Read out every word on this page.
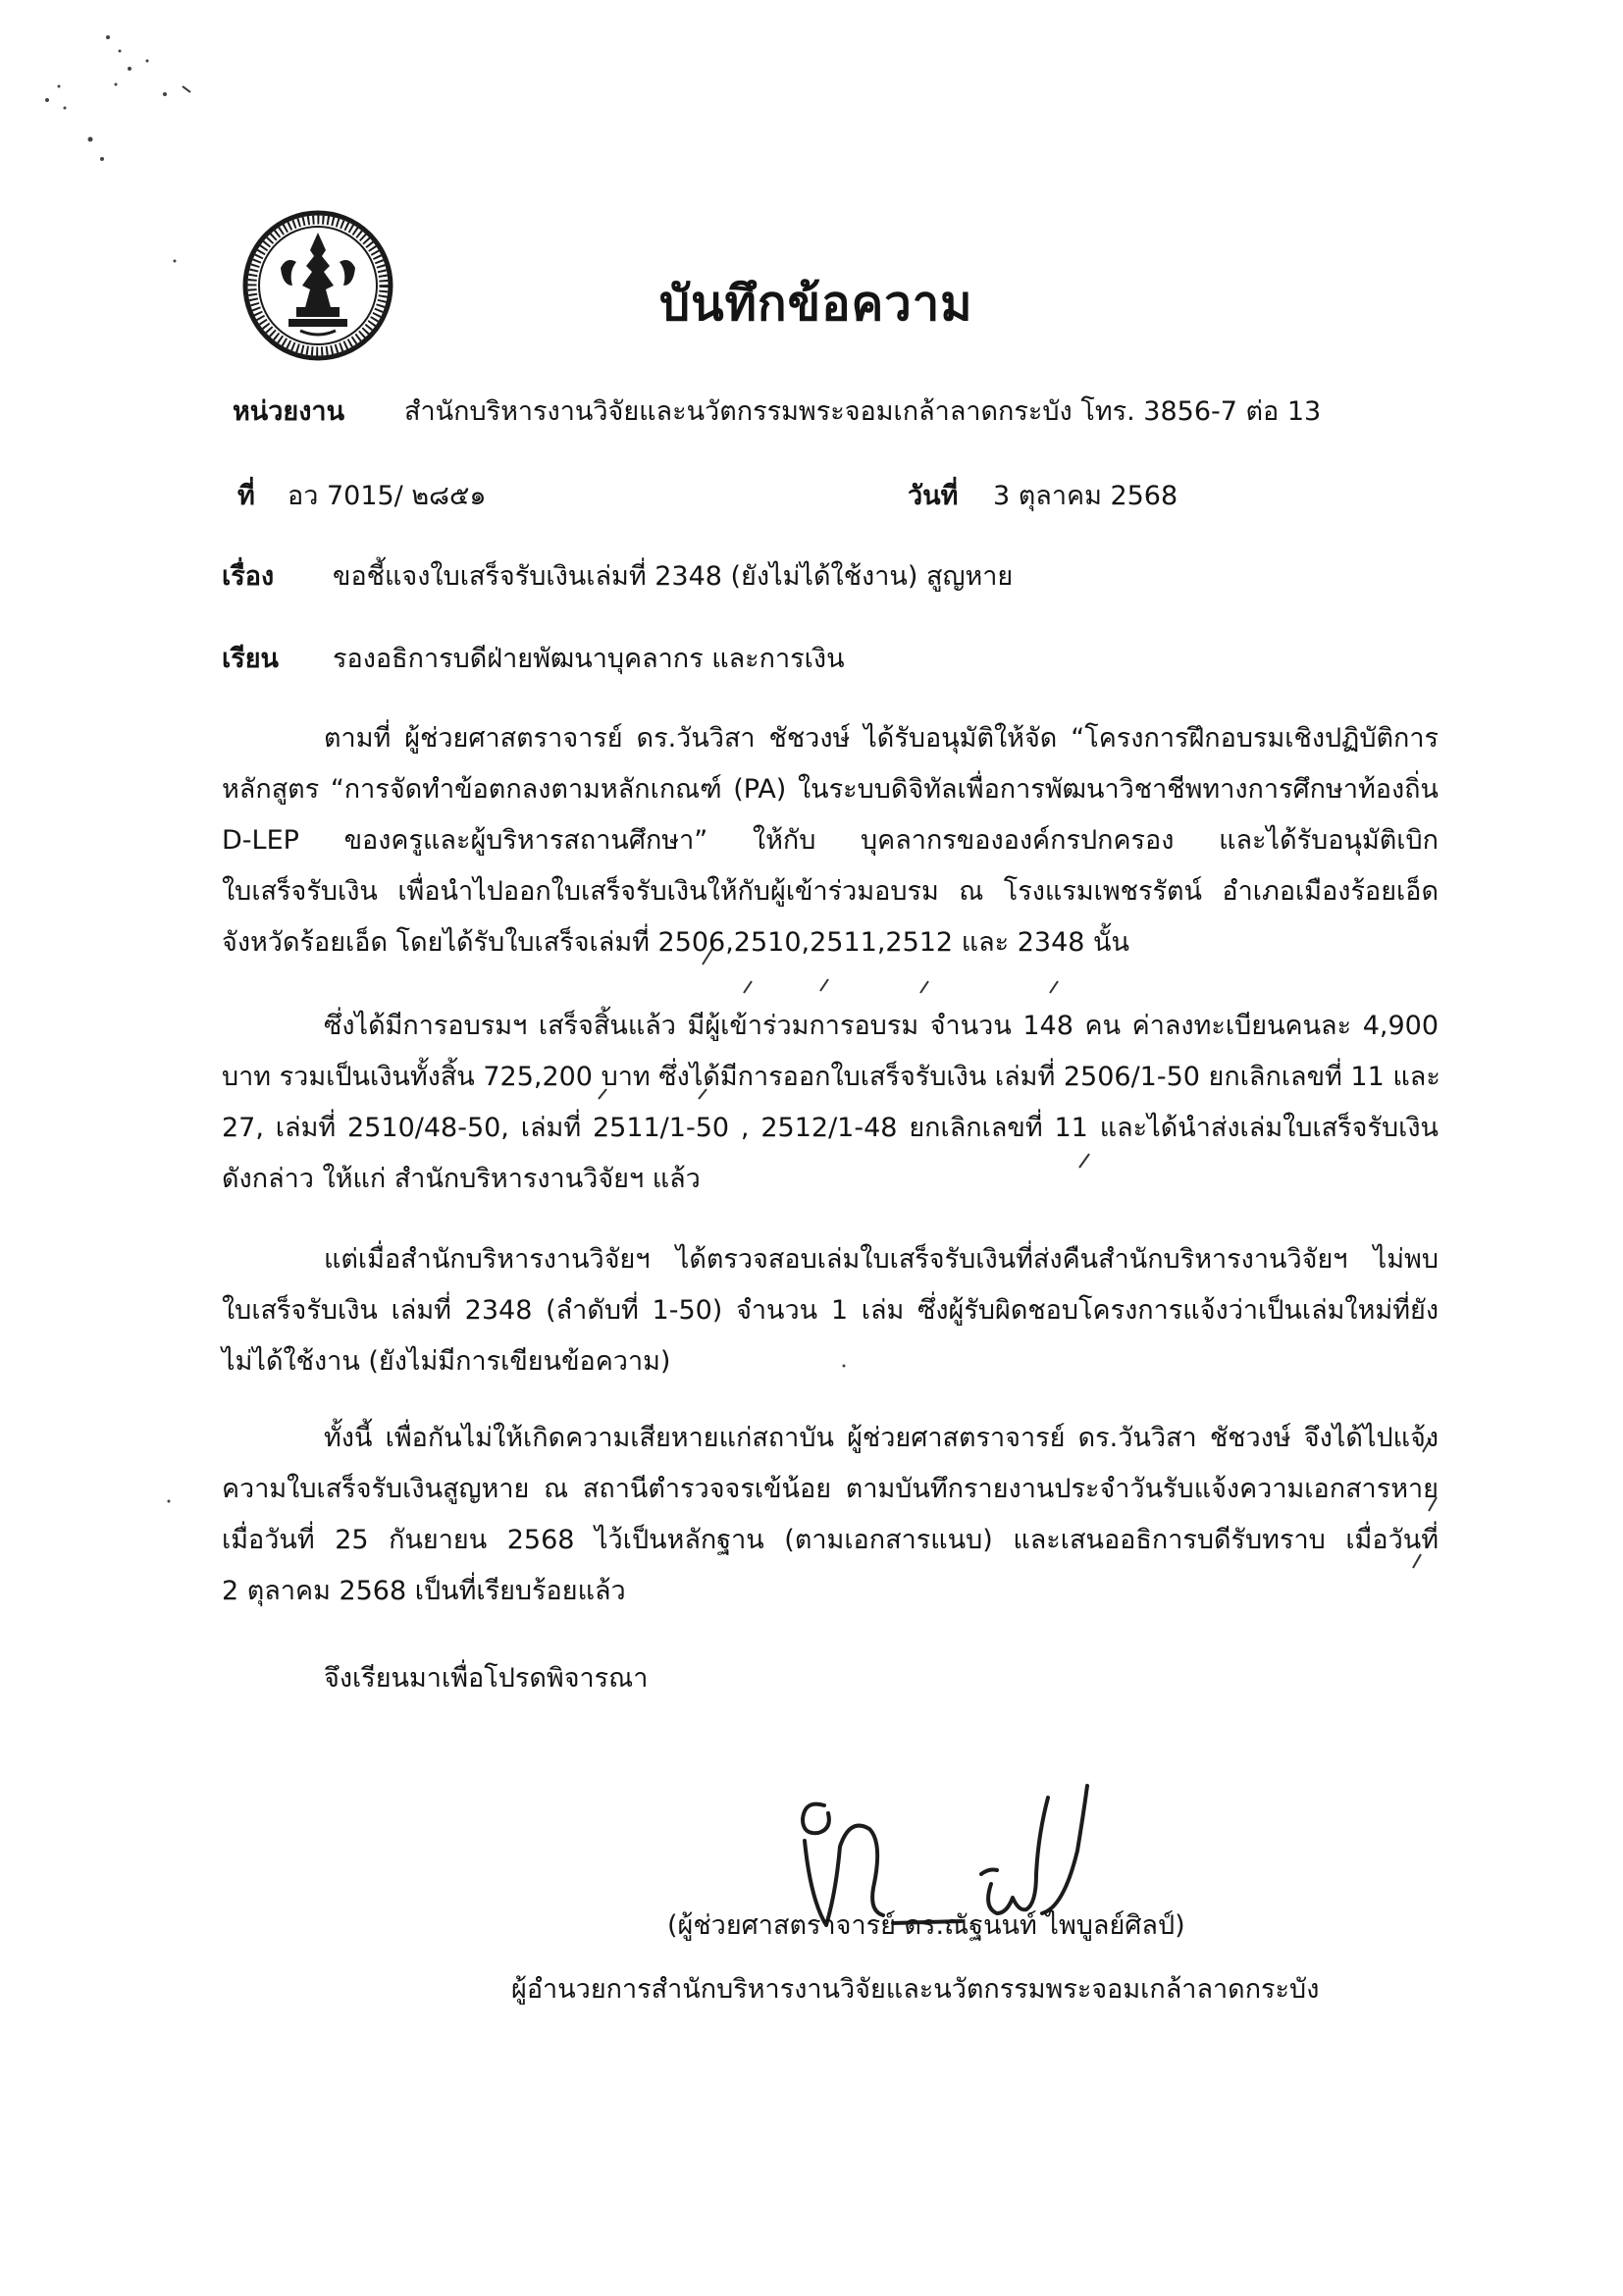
บันทึกข้อความ
หน่วยงาน สำนักบริหารงานวิจัยและนวัตกรรมพระจอมเกล้าลาดกระบัง โทร. 3856-7 ต่อ 13
ที่ อว 7015/ ๒๘๕๑	วันที่ 3 ตุลาคม 2568
เรื่อง ขอชี้แจงใบเสร็จรับเงินเล่มที่ 2348 (ยังไม่ได้ใช้งาน) สูญหาย
เรียน รองอธิการบดีฝ่ายพัฒนาบุคลากร และการเงิน
ตามที่ ผู้ช่วยศาสตราจารย์ ดร.วันวิสา ชัชวงษ์ ได้รับอนุมัติให้จัด “โครงการฝึกอบรมเชิงปฏิบัติการ
หลักสูตร “การจัดทำข้อตกลงตามหลักเกณฑ์ (PA) ในระบบดิจิทัลเพื่อการพัฒนาวิชาชีพทางการศึกษาท้องถิ่น
D-LEP ของครูและผู้บริหารสถานศึกษา” ให้กับ บุคลากรขององค์กรปกครอง และได้รับอนุมัติเบิก
ใบเสร็จรับเงิน เพื่อนำไปออกใบเสร็จรับเงินให้กับผู้เข้าร่วมอบรม ณ โรงแรมเพชรรัตน์ อำเภอเมืองร้อยเอ็ด
จังหวัดร้อยเอ็ด โดยได้รับใบเสร็จเล่มที่ 2506,2510,2511,2512 และ 2348 นั้น
ซึ่งได้มีการอบรมฯ เสร็จสิ้นแล้ว มีผู้เข้าร่วมการอบรม จำนวน 148 คน ค่าลงทะเบียนคนละ 4,900
บาท รวมเป็นเงินทั้งสิ้น 725,200 บาท ซึ่งได้มีการออกใบเสร็จรับเงิน เล่มที่ 2506/1-50 ยกเลิกเลขที่ 11 และ
27, เล่มที่ 2510/48-50, เล่มที่ 2511/1-50 , 2512/1-48 ยกเลิกเลขที่ 11 และได้นำส่งเล่มใบเสร็จรับเงิน
ดังกล่าว ให้แก่ สำนักบริหารงานวิจัยฯ แล้ว
แต่เมื่อสำนักบริหารงานวิจัยฯ ได้ตรวจสอบเล่มใบเสร็จรับเงินที่ส่งคืนสำนักบริหารงานวิจัยฯ ไม่พบ
ใบเสร็จรับเงิน เล่มที่ 2348 (ลำดับที่ 1-50) จำนวน 1 เล่ม ซึ่งผู้รับผิดชอบโครงการแจ้งว่าเป็นเล่มใหม่ที่ยัง
ไม่ได้ใช้งาน (ยังไม่มีการเขียนข้อความ)
ทั้งนี้ เพื่อกันไม่ให้เกิดความเสียหายแก่สถาบัน ผู้ช่วยศาสตราจารย์ ดร.วันวิสา ชัชวงษ์ จึงได้ไปแจ้ง
ความใบเสร็จรับเงินสูญหาย ณ สถานีตำรวจจรเข้น้อย ตามบันทึกรายงานประจำวันรับแจ้งความเอกสารหาย
เมื่อวันที่ 25 กันยายน 2568 ไว้เป็นหลักฐาน (ตามเอกสารแนบ) และเสนออธิการบดีรับทราบ เมื่อวันที่
2 ตุลาคม 2568 เป็นที่เรียบร้อยแล้ว
จึงเรียนมาเพื่อโปรดพิจารณา
(ผู้ช่วยศาสตราจารย์ ดร.ณัฐนนท์ ไพบูลย์ศิลป์)
ผู้อำนวยการสำนักบริหารงานวิจัยและนวัตกรรมพระจอมเกล้าลาดกระบัง
